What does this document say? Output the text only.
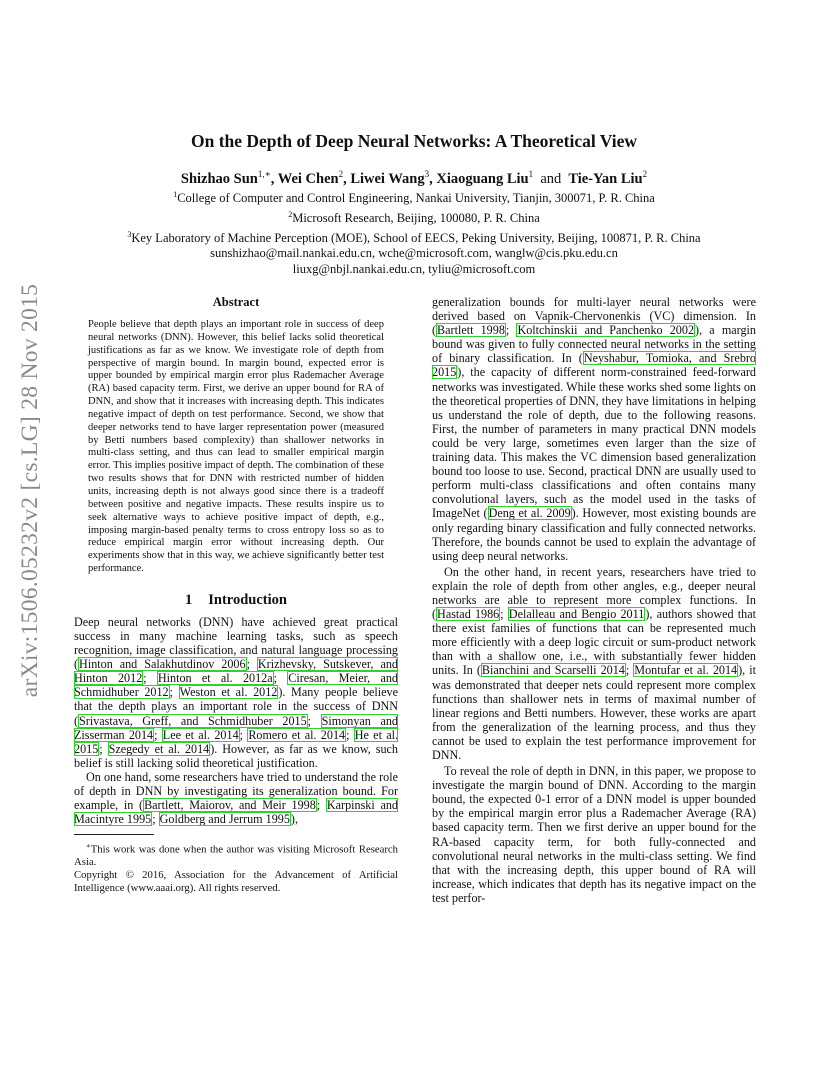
arXiv:1506.05232v2 [cs.LG] 28 Nov 2015
On the Depth of Deep Neural Networks: A Theoretical View
Shizhao Sun$^{1,∗}$, Wei Chen$^2$, Liwei Wang$^3$, Xiaoguang Liu$^1$ and Tie-Yan Liu$^2$
$^1$College of Computer and Control Engineering, Nankai University, Tianjin, 300071, P. R. China
$^2$Microsoft Research, Beijing, 100080, P. R. China
$^3$Key Laboratory of Machine Perception (MOE), School of EECS, Peking University, Beijing, 100871, P. R. China
sunshizhao@mail.nankai.edu.cn, wche@microsoft.com, wanglw@cis.pku.edu.cn
liuxg@nbjl.nankai.edu.cn, tyliu@microsoft.com
Abstract

People believe that depth plays an important role in success of deep neural networks (DNN). However, this belief lacks solid theoretical justifications as far as we know. We investigate role of depth from perspective of margin bound. In margin bound, expected error is upper bounded by empirical margin error plus Rademacher Average (RA) based capacity term. First, we derive an upper bound for RA of DNN, and show that it increases with increasing depth. This indicates negative impact of depth on test performance. Second, we show that deeper networks tend to have larger representation power (measured by Betti numbers based complexity) than shallower networks in multi-class setting, and thus can lead to smaller empirical margin error. This implies positive impact of depth. The combination of these two results shows that for DNN with restricted number of hidden units, increasing depth is not always good since there is a tradeoff between positive and negative impacts. These results inspire us to seek alternative ways to achieve positive impact of depth, e.g., imposing margin-based penalty terms to cross entropy loss so as to reduce empirical margin error without increasing depth. Our experiments show that in this way, we achieve significantly better test performance.

1 Introduction

Deep neural networks (DNN) have achieved great practical success in many machine learning tasks, such as speech recognition, image classification, and natural language processing (Hinton and Salakhutdinov 2006; Krizhevsky, Sutskever, and Hinton 2012; Hinton et al. 2012a; Ciresan, Meier, and Schmidhuber 2012; Weston et al. 2012). Many people believe that the depth plays an important role in the success of DNN (Srivastava, Greff, and Schmidhuber 2015; Simonyan and Zisserman 2014; Lee et al. 2014; Romero et al. 2014; He et al. 2015; Szegedy et al. 2014). However, as far as we know, such belief is still lacking solid theoretical justification.

On one hand, some researchers have tried to understand the role of depth in DNN by investigating its generalization bound. For example, in (Bartlett, Maiorov, and Meir 1998; Karpinski and Macintyre 1995; Goldberg and Jerrum 1995),

∗This work was done when the author was visiting Microsoft Research Asia.

Copyright © 2016, Association for the Advancement of Artificial Intelligence (www.aaai.org). All rights reserved.

generalization bounds for multi-layer neural networks were derived based on Vapnik-Chervonenkis (VC) dimension. In (Bartlett 1998; Koltchinskii and Panchenko 2002), a margin bound was given to fully connected neural networks in the setting of binary classification. In (Neyshabur, Tomioka, and Srebro 2015), the capacity of different norm-constrained feed-forward networks was investigated. While these works shed some lights on the theoretical properties of DNN, they have limitations in helping us understand the role of depth, due to the following reasons. First, the number of parameters in many practical DNN models could be very large, sometimes even larger than the size of training data. This makes the VC dimension based generalization bound too loose to use. Second, practical DNN are usually used to perform multi-class classifications and often contains many convolutional layers, such as the model used in the tasks of ImageNet (Deng et al. 2009). However, most existing bounds are only regarding binary classification and fully connected networks. Therefore, the bounds cannot be used to explain the advantage of using deep neural networks.

On the other hand, in recent years, researchers have tried to explain the role of depth from other angles, e.g., deeper neural networks are able to represent more complex functions. In (Hastad 1986; Delalleau and Bengio 2011), authors showed that there exist families of functions that can be represented much more efficiently with a deep logic circuit or sum-product network than with a shallow one, i.e., with substantially fewer hidden units. In (Bianchini and Scarselli 2014; Montufar et al. 2014), it was demonstrated that deeper nets could represent more complex functions than shallower nets in terms of maximal number of linear regions and Betti numbers. However, these works are apart from the generalization of the learning process, and thus they cannot be used to explain the test performance improvement for DNN.

To reveal the role of depth in DNN, in this paper, we propose to investigate the margin bound of DNN. According to the margin bound, the expected 0-1 error of a DNN model is upper bounded by the empirical margin error plus a Rademacher Average (RA) based capacity term. Then we first derive an upper bound for the RA-based capacity term, for both fully-connected and convolutional neural networks in the multi-class setting. We find that with the increasing depth, this upper bound of RA will increase, which indicates that depth has its negative impact on the test perfor-
